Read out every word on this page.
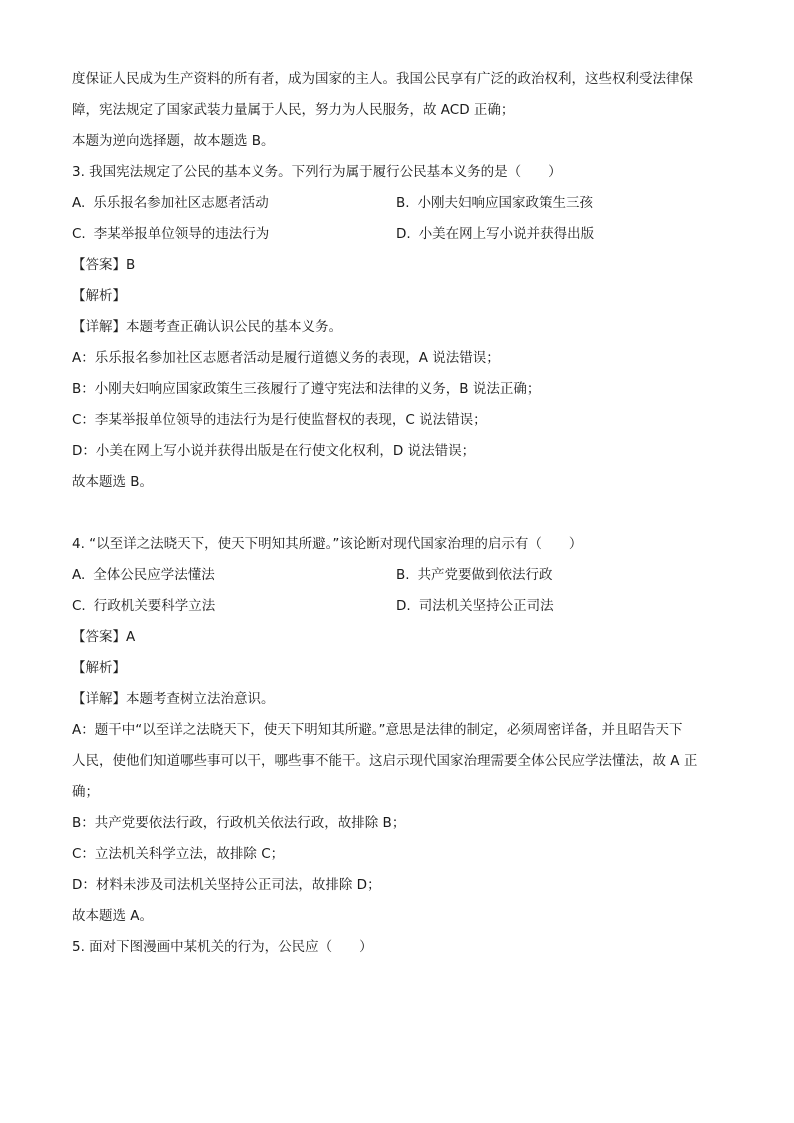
度保证人民成为生产资料的所有者，成为国家的主人。我国公民享有广泛的政治权利，这些权利受法律保
障，宪法规定了国家武装力量属于人民，努力为人民服务，故 ACD 正确；
本题为逆向选择题，故本题选 B。
3. 我国宪法规定了公民的基本义务。下列行为属于履行公民基本义务的是（　　）
A. 乐乐报名参加社区志愿者活动	B. 小刚夫妇响应国家政策生三孩
C. 李某举报单位领导的违法行为	D. 小美在网上写小说并获得出版
【答案】B
【解析】
【详解】本题考查正确认识公民的基本义务。
A：乐乐报名参加社区志愿者活动是履行道德义务的表现，A 说法错误；
B：小刚夫妇响应国家政策生三孩履行了遵守宪法和法律的义务，B 说法正确；
C：李某举报单位领导的违法行为是行使监督权的表现，C 说法错误；
D：小美在网上写小说并获得出版是在行使文化权利，D 说法错误；
故本题选 B。
4. “以至详之法晓天下，使天下明知其所避。”该论断对现代国家治理的启示有（　　）
A. 全体公民应学法懂法	B. 共产党要做到依法行政
C. 行政机关要科学立法	D. 司法机关坚持公正司法
【答案】A
【解析】
【详解】本题考查树立法治意识。
A：题干中“以至详之法晓天下，使天下明知其所避。”意思是法律的制定，必须周密详备，并且昭告天下
人民，使他们知道哪些事可以干，哪些事不能干。这启示现代国家治理需要全体公民应学法懂法，故 A 正
确；
B：共产党要依法行政，行政机关依法行政，故排除 B；
C：立法机关科学立法，故排除 C；
D：材料未涉及司法机关坚持公正司法，故排除 D；
故本题选 A。
5. 面对下图漫画中某机关的行为，公民应（　　）
